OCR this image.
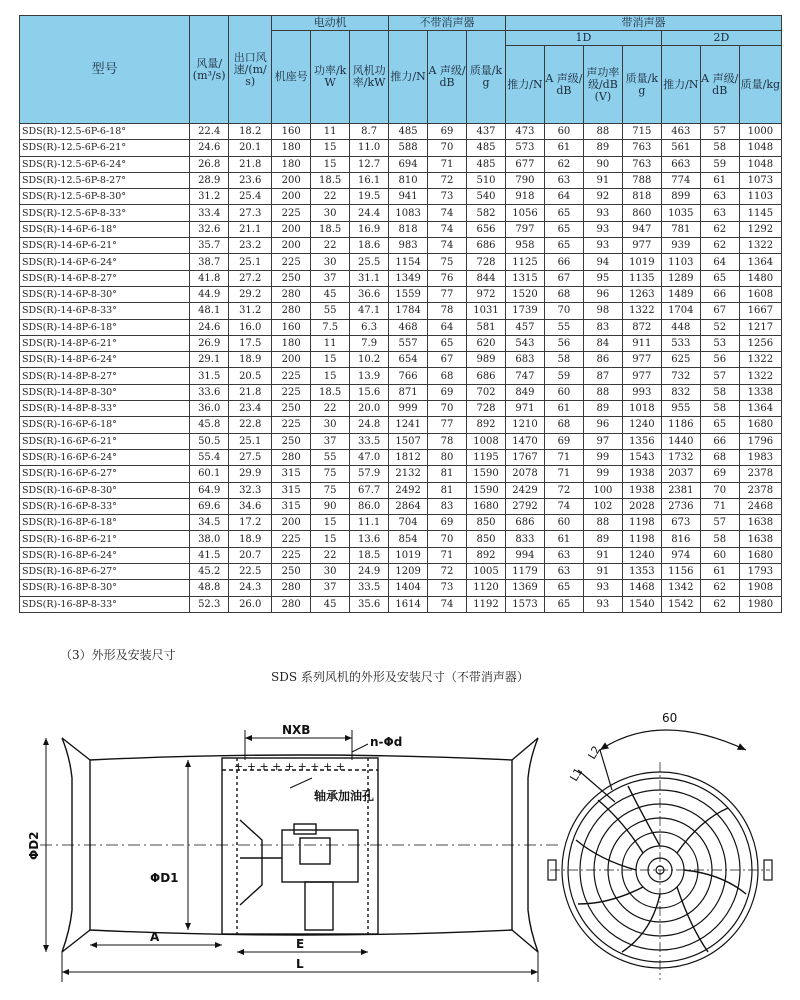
型号	风量/(m³/s)	出口风速/(m/s)	电动机			不带消声器			带消声器						
			机座号	功率/kW	风机功率/kW	推力/N	A 声级/dB	质量/kg	1D				2D		
									推力/N	A 声级/dB	声功率级/dB(V)	质量/kg	推力/N	A 声级/dB	质量/kg
SDS(R)-12.5-6P-6-18°	22.4	18.2	160	11	8.7	485	69	437	473	60	88	715	463	57	1000
SDS(R)-12.5-6P-6-21°	24.6	20.1	180	15	11.0	588	70	485	573	61	89	763	561	58	1048
SDS(R)-12.5-6P-6-24°	26.8	21.8	180	15	12.7	694	71	485	677	62	90	763	663	59	1048
SDS(R)-12.5-6P-8-27°	28.9	23.6	200	18.5	16.1	810	72	510	790	63	91	788	774	61	1073
SDS(R)-12.5-6P-8-30°	31.2	25.4	200	22	19.5	941	73	540	918	64	92	818	899	63	1103
SDS(R)-12.5-6P-8-33°	33.4	27.3	225	30	24.4	1083	74	582	1056	65	93	860	1035	63	1145
SDS(R)-14-6P-6-18°	32.6	21.1	200	18.5	16.9	818	74	656	797	65	93	947	781	62	1292
SDS(R)-14-6P-6-21°	35.7	23.2	200	22	18.6	983	74	686	958	65	93	977	939	62	1322
SDS(R)-14-6P-6-24°	38.7	25.1	225	30	25.5	1154	75	728	1125	66	94	1019	1103	64	1364
SDS(R)-14-6P-8-27°	41.8	27.2	250	37	31.1	1349	76	844	1315	67	95	1135	1289	65	1480
SDS(R)-14-6P-8-30°	44.9	29.2	280	45	36.6	1559	77	972	1520	68	96	1263	1489	66	1608
SDS(R)-14-6P-8-33°	48.1	31.2	280	55	47.1	1784	78	1031	1739	70	98	1322	1704	67	1667
SDS(R)-14-8P-6-18°	24.6	16.0	160	7.5	6.3	468	64	581	457	55	83	872	448	52	1217
SDS(R)-14-8P-6-21°	26.9	17.5	180	11	7.9	557	65	620	543	56	84	911	533	53	1256
SDS(R)-14-8P-6-24°	29.1	18.9	200	15	10.2	654	67	989	683	58	86	977	625	56	1322
SDS(R)-14-8P-8-27°	31.5	20.5	225	15	13.9	766	68	686	747	59	87	977	732	57	1322
SDS(R)-14-8P-8-30°	33.6	21.8	225	18.5	15.6	871	69	702	849	60	88	993	832	58	1338
SDS(R)-14-8P-8-33°	36.0	23.4	250	22	20.0	999	70	728	971	61	89	1018	955	58	1364
SDS(R)-16-6P-6-18°	45.8	22.8	225	30	24.8	1241	77	892	1210	68	96	1240	1186	65	1680
SDS(R)-16-6P-6-21°	50.5	25.1	250	37	33.5	1507	78	1008	1470	69	97	1356	1440	66	1796
SDS(R)-16-6P-6-24°	55.4	27.5	280	55	47.0	1812	80	1195	1767	71	99	1543	1732	68	1983
SDS(R)-16-6P-6-27°	60.1	29.9	315	75	57.9	2132	81	1590	2078	71	99	1938	2037	69	2378
SDS(R)-16-6P-8-30°	64.9	32.3	315	75	67.7	2492	81	1590	2429	72	100	1938	2381	70	2378
SDS(R)-16-6P-8-33°	69.6	34.6	315	90	86.0	2864	83	1680	2792	74	102	2028	2736	71	2468
SDS(R)-16-8P-6-18°	34.5	17.2	200	15	11.1	704	69	850	686	60	88	1198	673	57	1638
SDS(R)-16-8P-6-21°	38.0	18.9	225	15	13.6	854	70	850	833	61	89	1198	816	58	1638
SDS(R)-16-8P-6-24°	41.5	20.7	225	22	18.5	1019	71	892	994	63	91	1240	974	60	1680
SDS(R)-16-8P-6-27°	45.2	22.5	250	30	24.9	1209	72	1005	1179	63	91	1353	1156	61	1793
SDS(R)-16-8P-8-30°	48.8	24.3	280	37	33.5	1404	73	1120	1369	65	93	1468	1342	62	1908
SDS(R)-16-8P-8-33°	52.3	26.0	280	45	35.6	1614	74	1192	1573	65	93	1540	1542	62	1980
（3）外形及安装尺寸
SDS 系列风机的外形及安装尺寸（不带消声器）
+ + + + + + + + +
NXB
n-Φd
轴承加油孔
ΦD2
ΦD1
A	E
L
60
L1
L2
